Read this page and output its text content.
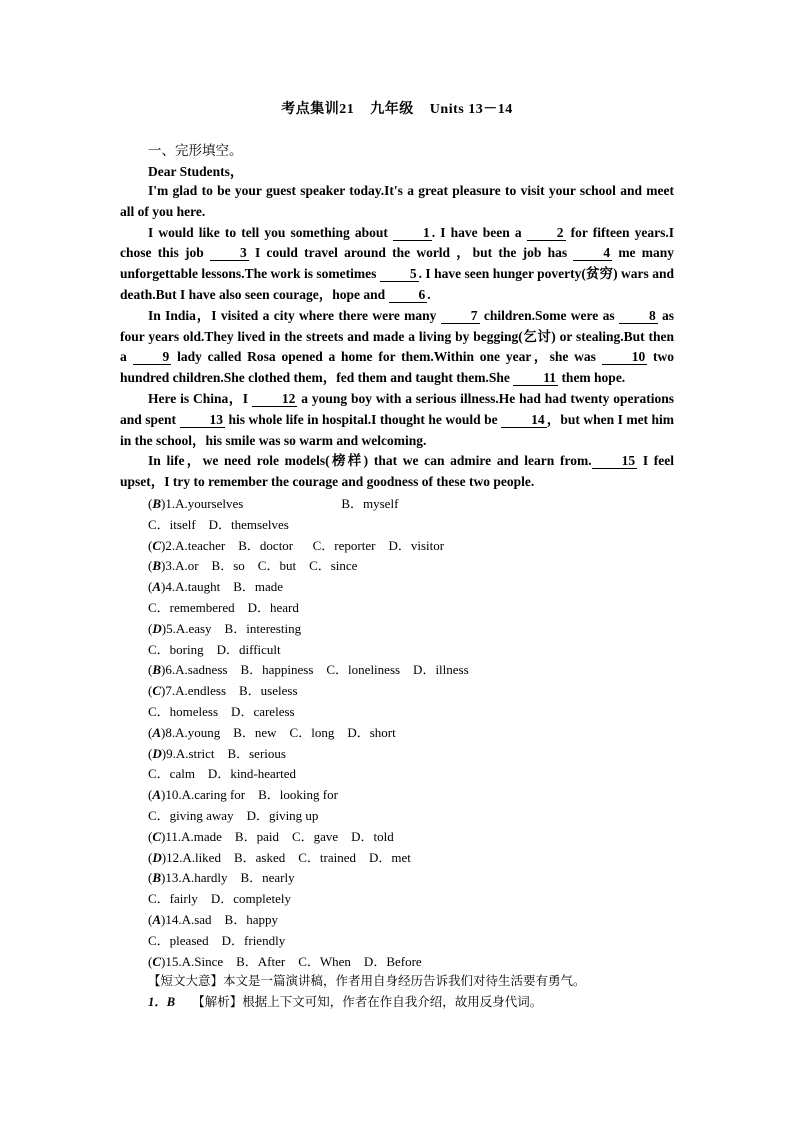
考点集训21 九年级 Units 13－14
一、完形填空。
Dear Students，

I'm glad to be your guest speaker today.It's a great pleasure to visit your school and meet all of you here.

I would like to tell you something about	1 . I have been a	2 for fifteen years.I chose this job	3 I could travel around the world ，but the job has	4 me many unforgettable lessons.The work is sometimes 5 . I have seen hunger poverty(贫穷) wars and death.But I have also seen courage，hope and 6 .

In India，I visited a city where there were many	7 children.Some were as	8 as four years old.They lived in the streets and made a living by begging(乞讨) or stealing.But then a	9 lady called Rosa opened a home for them.Within one year，she was	10 two hundred children.She clothed them，fed them and taught them.She 11 them hope.

Here is China，I	12 a young boy with a serious illness.He had had twenty operations and spent 13 his whole life in hospital.I thought he would be 14 ，but when I met him in the school，his smile was so warm and welcoming.

In life，we need role models(榜样) that we can admire and learn from. 15 I feel upset，I try to remember the courage and goodness of these two people.

(B)1.A.yourselves	B．myself
C．itself    D．themselves
(C)2.A.teacher    B．doctor      C．reporter    D．visitor
(B)3.A.or    B．so    C．but    C．since
(A)4.A.taught    B．made
C．remembered    D．heard
(D)5.A.easy    B．interesting
C．boring    D．difficult
(B)6.A.sadness    B．happiness    C．loneliness    D．illness
(C)7.A.endless    B．useless
C．homeless    D．careless
(A)8.A.young    B．new    C．long    D．short
(D)9.A.strict    B．serious
C．calm    D．kind-hearted
(A)10.A.caring for    B．looking for
C．giving away    D．giving up
(C)11.A.made    B．paid    C．gave    D．told
(D)12.A.liked    B．asked    C．trained    D．met
(B)13.A.hardly    B．nearly
C．fairly    D．completely
(A)14.A.sad    B．happy
C．pleased    D．friendly
(C)15.A.Since    B．After    C．When    D．Before
【短文大意】本文是一篇演讲稿，作者用自身经历告诉我们对待生活要有勇气。
1．B 【解析】根据上下文可知，作者在作自我介绍，故用反身代词。
